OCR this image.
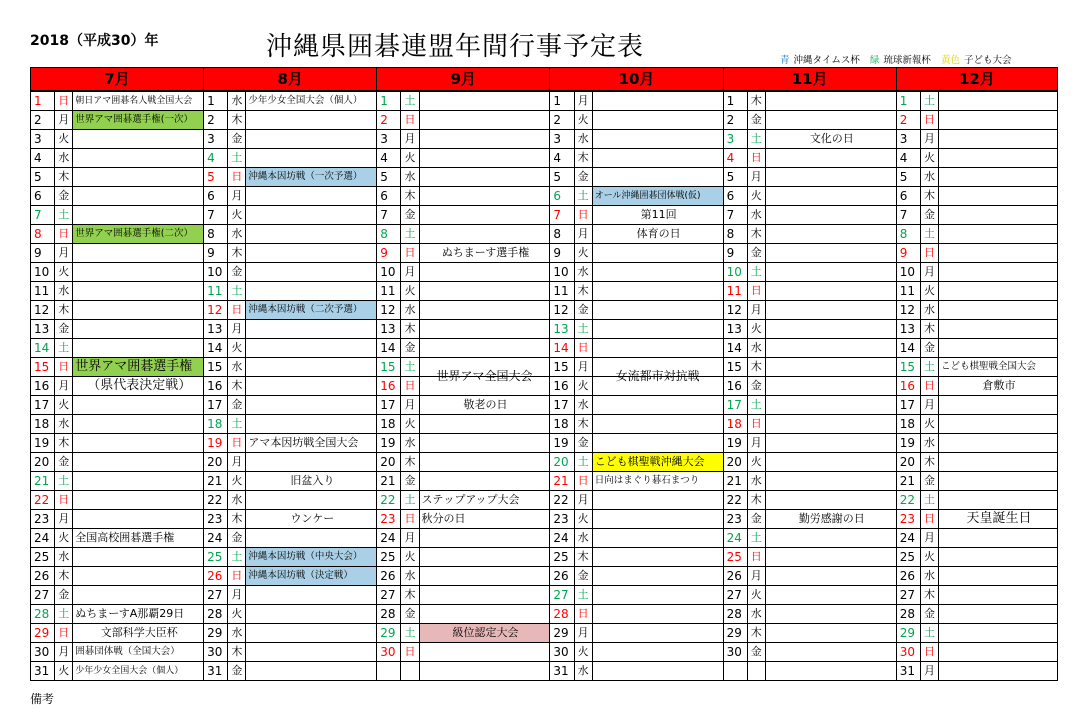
2018（平成30）年	沖縄県囲碁連盟年間行事予定表	青 沖縄タイムス杯 緑 琉球新報杯 黄色 子ども大会
7月			8月			9月			10月			11月			12月		
1	日	朝日アマ囲碁名人戦全国大会	1	水	少年少女全国大会（個人）	1	土		1	月		1	木		1	土	
2	月	世界アマ囲碁選手権(一次）	2	木		2	日		2	火		2	金		2	日	
3	火		3	金		3	月		3	水		3	土	文化の日	3	月	
4	水		4	土		4	火		4	木		4	日		4	火	
5	木		5	日	沖縄本因坊戦（一次予選）	5	水		5	金		5	月		5	水	
6	金		6	月		6	木		6	土	オール沖縄囲碁団体戦(仮)	6	火		6	木	
7	土		7	火		7	金		7	日	第11回	7	水		7	金	
8	日	世界アマ囲碁選手権(二次）	8	水		8	土		8	月	体育の日	8	木		8	土	
9	月		9	木		9	日	ぬちまーす選手権	9	火		9	金		9	日	
10	火		10	金		10	月		10	水		10	土		10	月	
11	水		11	土		11	火		11	木		11	日		11	火	
12	木		12	日	沖縄本因坊戦（二次予選）	12	水		12	金		12	月		12	水	
13	金		13	月		13	木		13	土		13	火		13	木	
14	土		14	火		14	金		14	日		14	水		14	金	
15	日	世界アマ囲碁選手権	15	水		15	土		15	月		15	木		15	土	こども棋聖戦全国大会
16	月	（県代表決定戦）	16	木		16	日	世界アマ全国大会	16	火	女流都市対抗戦	16	金		16	日	倉敷市
17	火		17	金		17	月	敬老の日	17	水		17	土		17	月	
18	水		18	土		18	火		18	木		18	日		18	火	
19	木		19	日	アマ本因坊戦全国大会	19	水		19	金		19	月		19	水	
20	金		20	月		20	木		20	土	こども棋聖戦沖縄大会	20	火		20	木	
21	土		21	火	旧盆入り	21	金		21	日	日向はまぐり碁石まつり	21	水		21	金	
22	日		22	水		22	土	ステップアップ大会	22	月		22	木		22	土	
23	月		23	木	ウンケー	23	日	秋分の日	23	火		23	金	勤労感謝の日	23	日	天皇誕生日
24	火	全国高校囲碁選手権	24	金		24	月		24	水		24	土		24	月	
25	水		25	土	沖縄本因坊戦（中央大会）	25	火		25	木		25	日		25	火	
26	木		26	日	沖縄本因坊戦（決定戦）	26	水		26	金		26	月		26	水	
27	金		27	月		27	木		27	土		27	火		27	木	
28	土	ぬちまーすA那覇29日	28	火		28	金		28	日		28	水		28	金	
29	日	文部科学大臣杯	29	水		29	土	級位認定大会	29	月		29	木		29	土	
30	月	囲碁団体戦（全国大会）	30	木		30	日		30	火		30	金		30	日	
31	火	少年少女全国大会（個人）	31	金					31	水					31	月	
備考
